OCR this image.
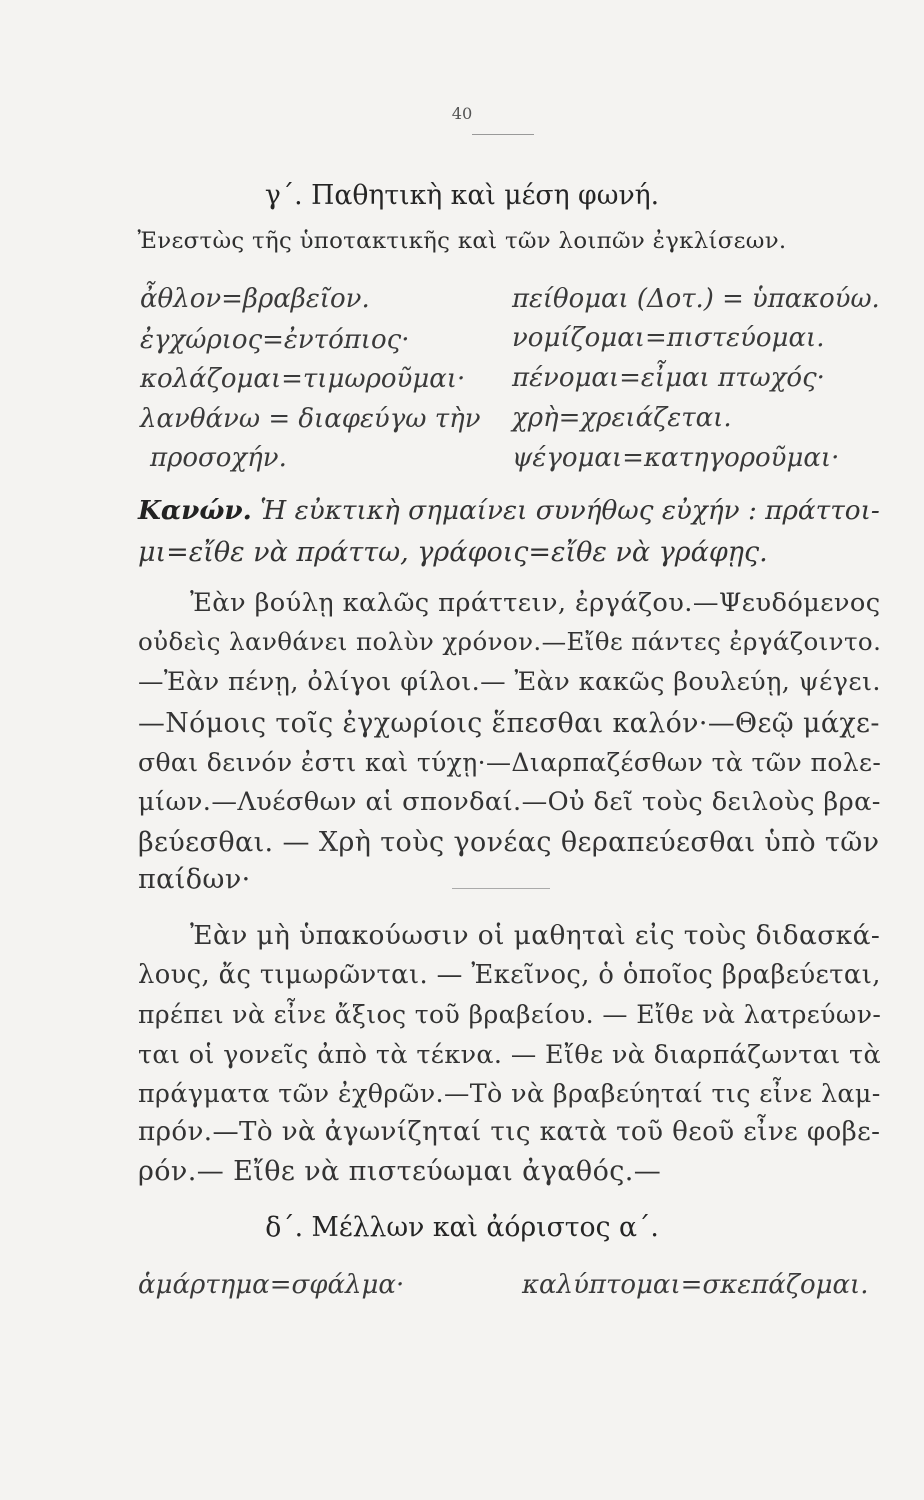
40
γ΄. Παθητικὴ καὶ μέση φωνή.
Ἐνεστὼς τῆς ὑποτακτικῆς καὶ τῶν λοιπῶν ἐγκλίσεων.
ἆθλον=βραβεῖον.
ἐγχώριος=ἐντόπιος·
κολάζομαι=τιμωροῦμαι·
λανθάνω = διαφεύγω τὴν
προσοχήν.
πείθομαι (Δοτ.) = ὑπακούω.
νομίζομαι=πιστεύομαι.
πένομαι=εἶμαι πτωχός·
χρὴ=χρειάζεται.
ψέγομαι=κατηγοροῦμαι·
Κανών. Ἡ εὐκτικὴ σημαίνει συνήθως εὐχήν : πράττοι-
μι=εἴθε νὰ πράττω, γράφοις=εἴθε νὰ γράφῃς.
Ἐὰν βούλῃ καλῶς πράττειν, ἐργάζου.—Ψευδόμενος
οὐδεὶς λανθάνει πολὺν χρόνον.—Εἴθε πάντες ἐργάζοιντο.
—Ἐὰν πένῃ, ὀλίγοι φίλοι.— Ἐὰν κακῶς βουλεύῃ, ψέγει.
—Νόμοις τοῖς ἐγχωρίοις ἕπεσθαι καλόν·—Θεῷ μάχε-
σθαι δεινόν ἐστι καὶ τύχῃ·—Διαρπαζέσθων τὰ τῶν πολε-
μίων.—Λυέσθων αἱ σπονδαί.—Οὐ δεῖ τοὺς δειλοὺς βρα-
βεύεσθαι. — Χρὴ τοὺς γονέας θεραπεύεσθαι ὑπὸ τῶν
παίδων·
Ἐὰν μὴ ὑπακούωσιν οἱ μαθηταὶ εἰς τοὺς διδασκά-
λους, ἄς τιμωρῶνται. — Ἐκεῖνος, ὁ ὁποῖος βραβεύεται,
πρέπει νὰ εἶνε ἄξιος τοῦ βραβείου. — Εἴθε νὰ λατρεύων-
ται οἱ γονεῖς ἀπὸ τὰ τέκνα. — Εἴθε νὰ διαρπάζωνται τὰ
πράγματα τῶν ἐχθρῶν.—Τὸ νὰ βραβεύηταί τις εἶνε λαμ-
πρόν.—Τὸ νὰ ἀγωνίζηταί τις κατὰ τοῦ θεοῦ εἶνε φοβε-
ρόν.— Εἴθε νὰ πιστεύωμαι ἀγαθός.—
δ΄. Μέλλων καὶ ἀόριστος α΄.
ἁμάρτημα=σφάλμα·	καλύπτομαι=σκεπάζομαι.
